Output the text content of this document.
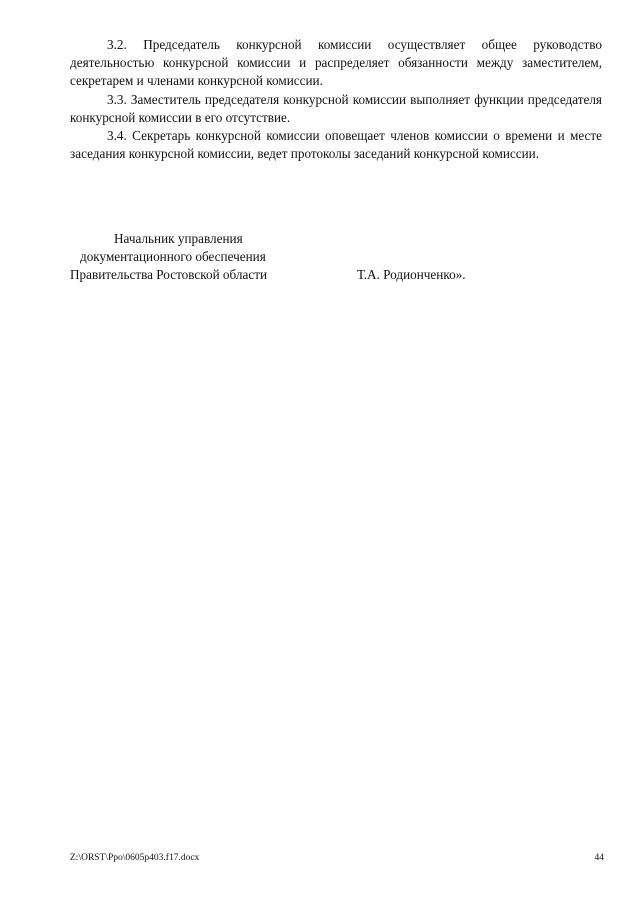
3.2. Председатель конкурсной комиссии осуществляет общее руководство деятельностью конкурсной комиссии и распределяет обязанности между заместителем, секретарем и членами конкурсной комиссии.

3.3. Заместитель председателя конкурсной комиссии выполняет функции председателя конкурсной комиссии в его отсутствие.

3.4. Секретарь конкурсной комиссии оповещает членов комиссии о времени и месте заседания конкурсной комиссии, ведет протоколы заседаний конкурсной комиссии.

Начальник управления
документационного обеспечения
Правительства Ростовской области	Т.А. Родионченко».
Z:\ORST\Ppo\0605p403.f17.docx	44
